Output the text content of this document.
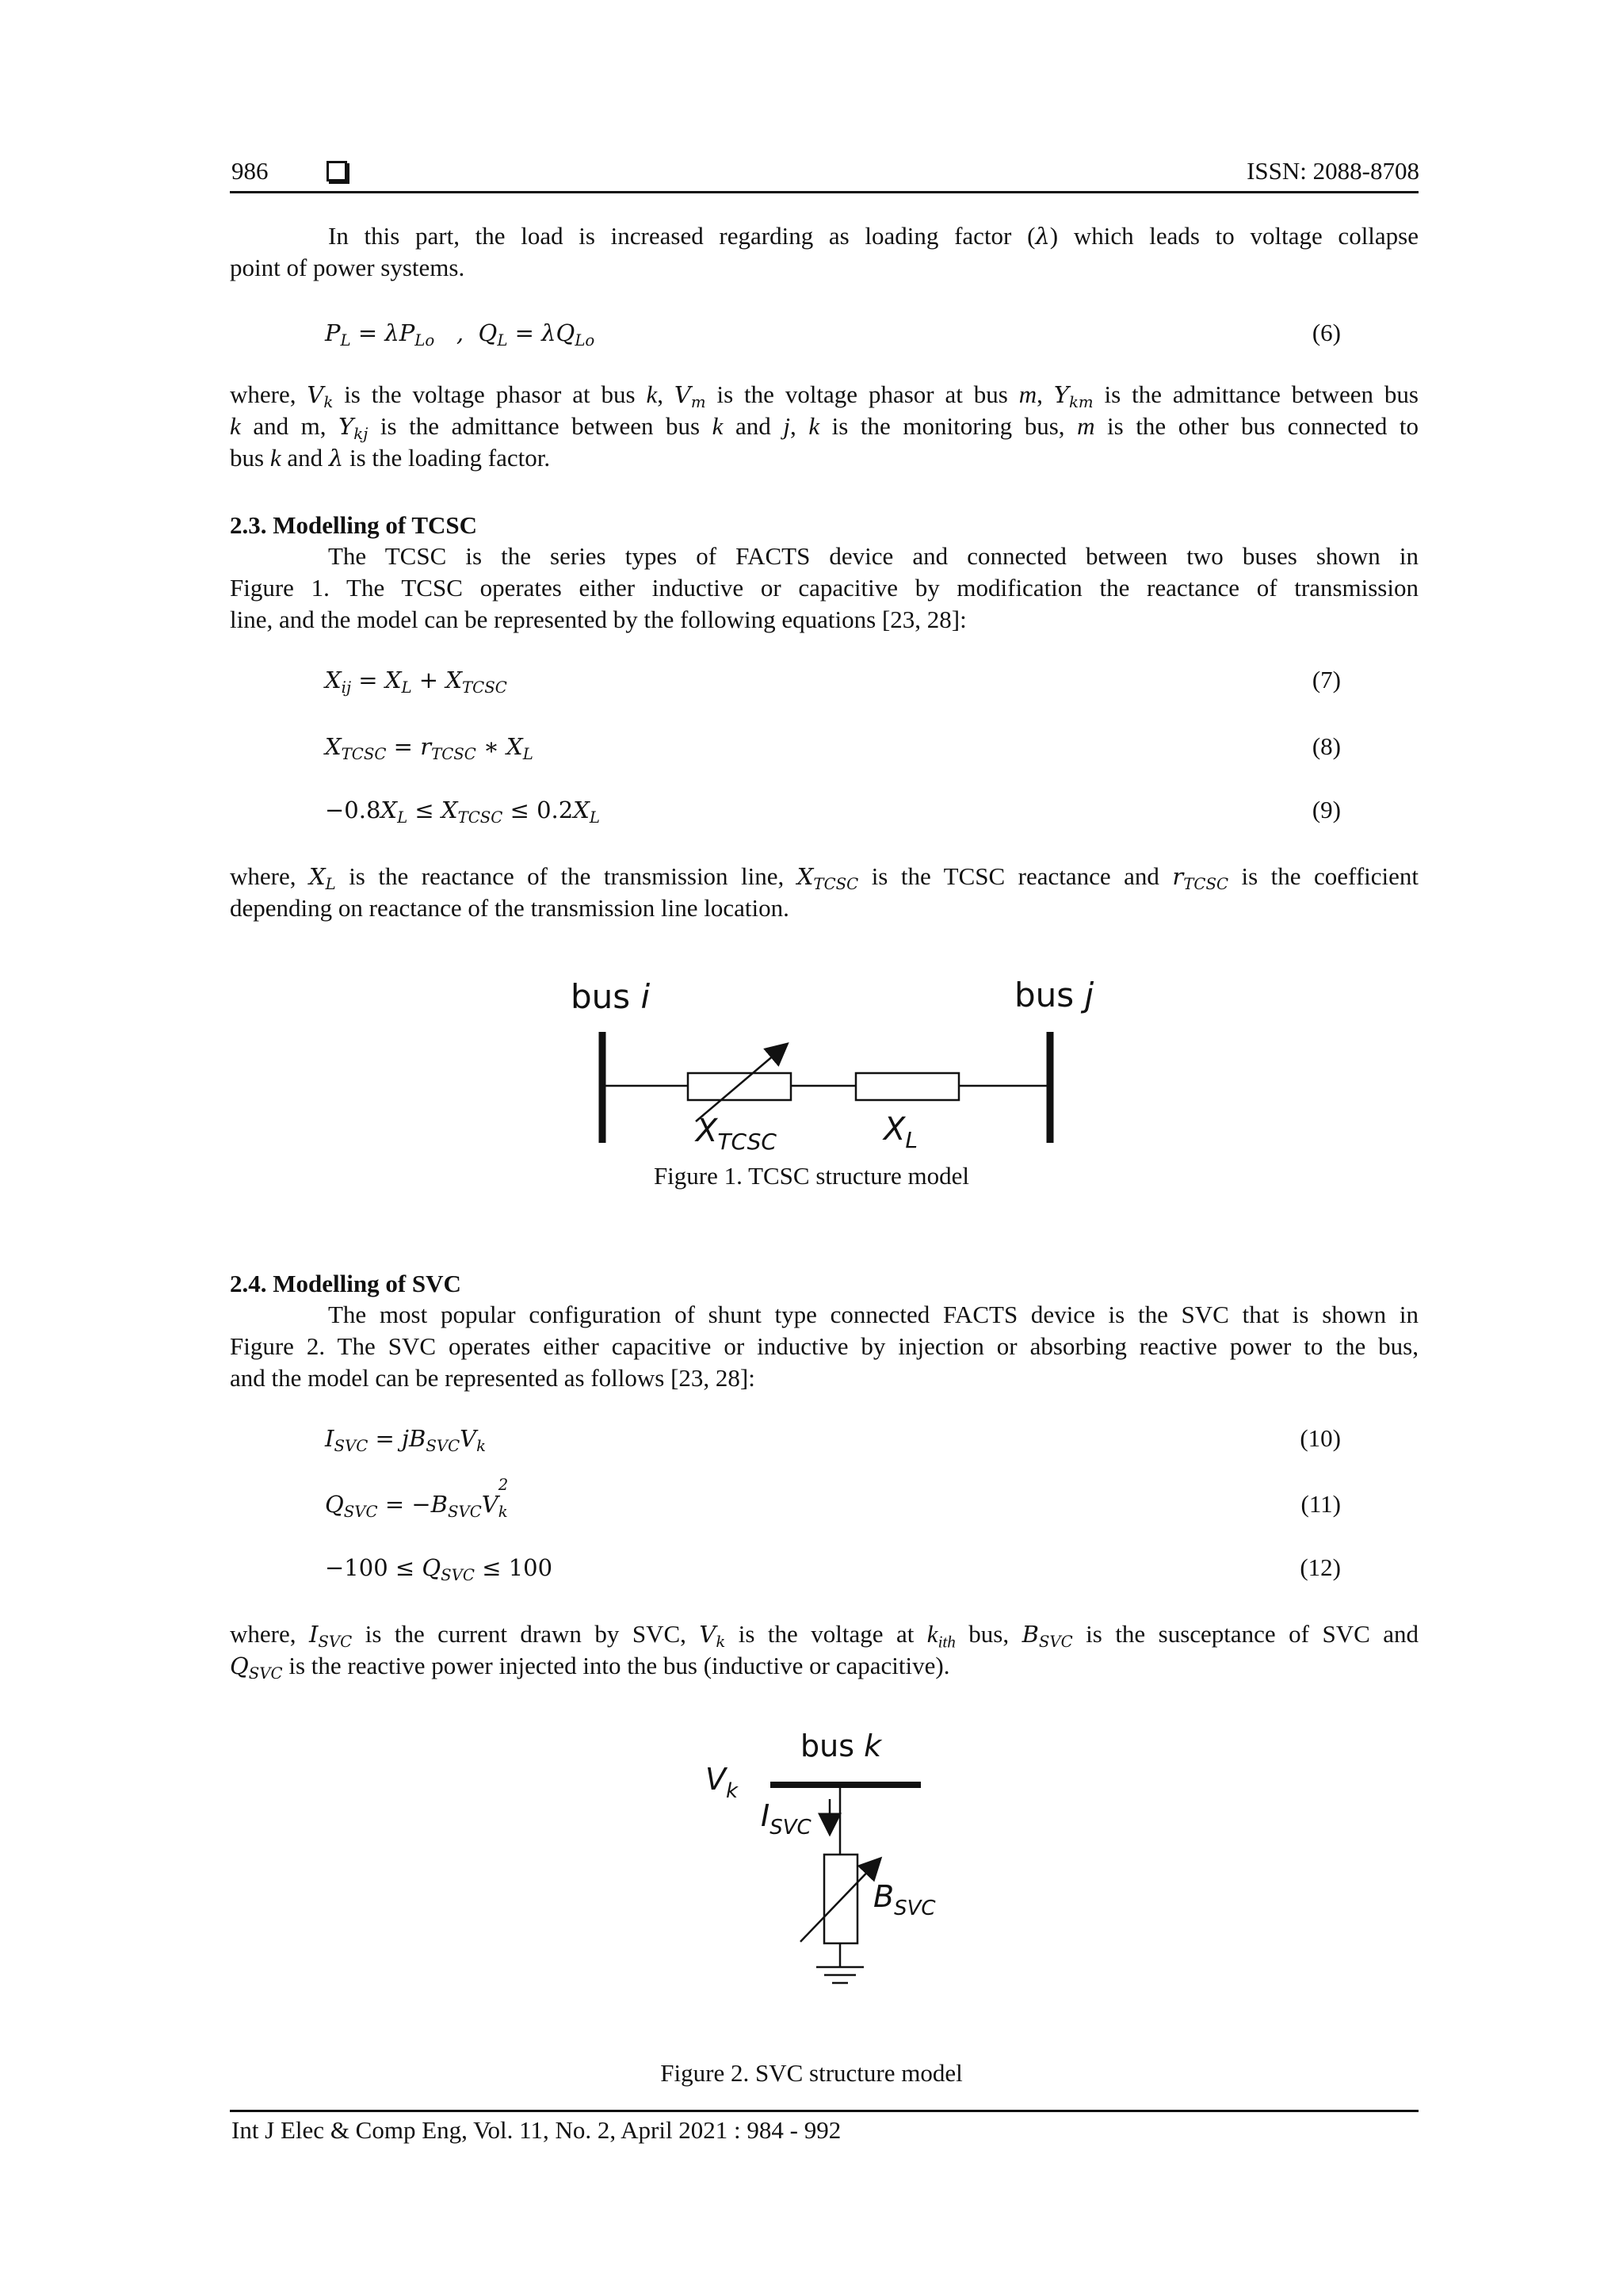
986	ISSN: 2088-8708
In this part, the load is increased regarding as loading factor (λ) which leads to voltage collapse
point of power systems.
$P_L = \lambda P_{Lo}$   ,  $Q_L = \lambda Q_{Lo}$	(6)
where, $V_k$ is the voltage phasor at bus k, $V_m$ is the voltage phasor at bus m, $Y_{km}$ is the admittance between bus
k and m, $Y_{kj}$ is the admittance between bus k and j, k is the monitoring bus, m is the other bus connected to
bus k and λ is the loading factor.
2.3. Modelling of TCSC
The TCSC is the series types of FACTS device and connected between two buses shown in
Figure 1. The TCSC operates either inductive or capacitive by modification the reactance of transmission
line, and the model can be represented by the following equations [23, 28]:
$X_{ij} = X_L + X_{TCSC}$	(7)
$X_{TCSC} = r_{TCSC}$ ∗ $X_L$	(8)
$-0.8X_L \le X_{TCSC} \le 0.2X_L$	(9)
where, $X_L$ is the reactance of the transmission line, $X_{TCSC}$ is the TCSC reactance and $r_{TCSC}$ is the coefficient
depending on reactance of the transmission line location.
bus i	bus j
$X_{TCSC}$	$X_L$
Figure 1. TCSC structure model
2.4. Modelling of SVC
The most popular configuration of shunt type connected FACTS device is the SVC that is shown in
Figure 2. The SVC operates either capacitive or inductive by injection or absorbing reactive power to the bus,
and the model can be represented as follows [23, 28]:
$I_{SVC} = jB_{SVC}V_k$	(10)
$Q_{SVC} = -B_{SVC}V$
2
$_k$	(11)
$-100 \le Q_{SVC} \le 100$	(12)
where, $I_{SVC}$ is the current drawn by SVC, $V_k$ is the voltage at $k_{ith}$ bus, $B_{SVC}$ is the susceptance of SVC and
$Q_{SVC}$ is the reactive power injected into the bus (inductive or capacitive).
bus k
$V_k$
$I_{SVC}$
$B_{SVC}$
Figure 2. SVC structure model
Int J Elec & Comp Eng, Vol. 11, No. 2, April 2021 : 984 - 992
